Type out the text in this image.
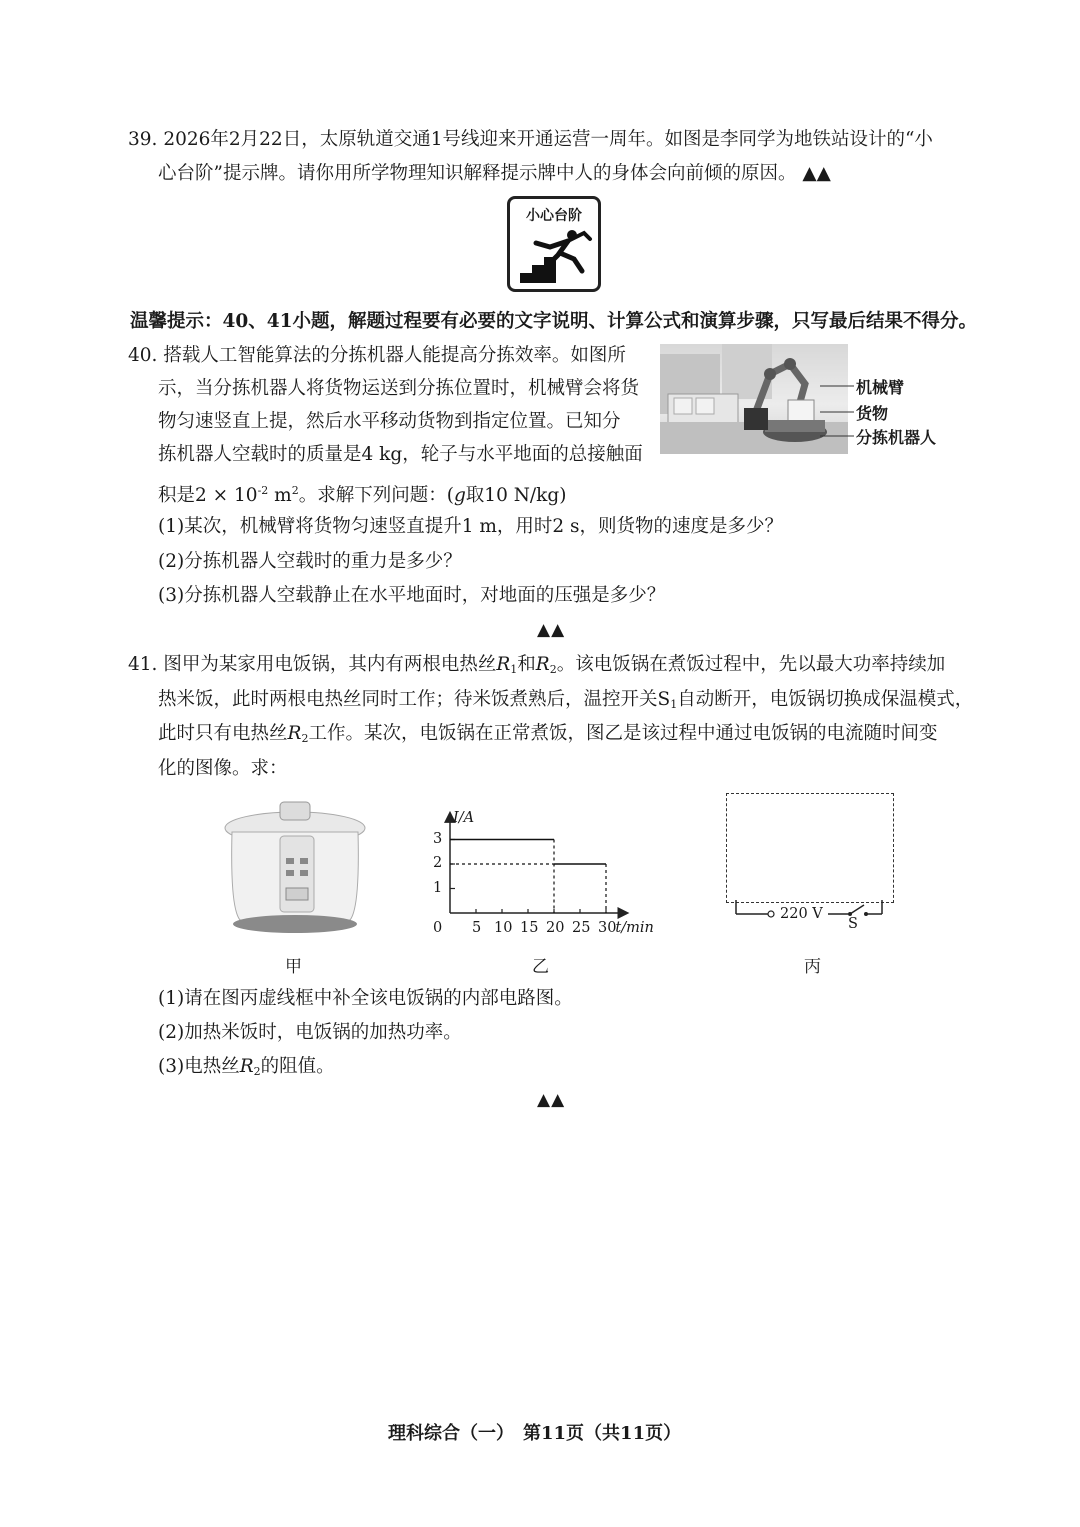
39. 2026年2月22日，太原轨道交通1号线迎来开通运营一周年。如图是李同学为地铁站设计的“小
心台阶”提示牌。请你用所学物理知识解释提示牌中人的身体会向前倾的原因。 ▲▲
小心台阶
温馨提示：40、41小题，解题过程要有必要的文字说明、计算公式和演算步骤，只写最后结果不得分。
40. 搭载人工智能算法的分拣机器人能提高分拣效率。如图所
示，当分拣机器人将货物运送到分拣位置时，机械臂会将货
物匀速竖直上提，然后水平移动货物到指定位置。已知分
拣机器人空载时的质量是4 kg，轮子与水平地面的总接触面
积是$2 \times 10^{-2}$ $m^2$。求解下列问题：(g取10 N/kg)
机械臂
货物
分拣机器人
(1)某次，机械臂将货物匀速竖直提升1 m，用时2 s，则货物的速度是多少？
(2)分拣机器人空载时的重力是多少？
(3)分拣机器人空载静止在水平地面时，对地面的压强是多少？
▲▲
41. 图甲为某家用电饭锅，其内有两根电热丝$R_1$和$R_2$。该电饭锅在煮饭过程中，先以最大功率持续加
热米饭，此时两根电热丝同时工作；待米饭煮熟后，温控开关$S_1$自动断开，电饭锅切换成保温模式，
此时只有电热丝$R_2$工作。某次，电饭锅在正常煮饭，图乙是该过程中通过电饭锅的电流随时间变
化的图像。求：
1
2
3
0 5 10 15 20 25 30
I/A
t/min
220 V
S
甲	乙	丙
(1)请在图丙虚线框中补全该电饭锅的内部电路图。
(2)加热米饭时，电饭锅的加热功率。
(3)电热丝$R_2$的阻值。
▲▲
理科综合（一）　第11页（共11页）
